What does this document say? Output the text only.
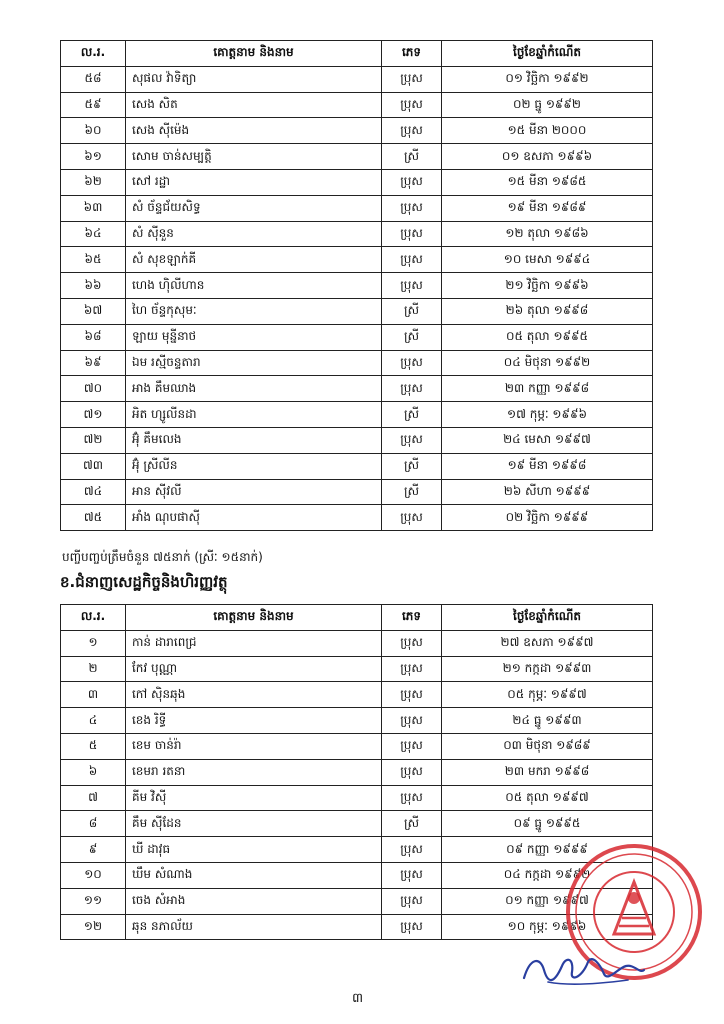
ល.រ.	គោត្តនាម និងនាម	ភេទ	ថ្ងៃខែឆ្នាំកំណើត
៥៨	សុផល វ៉ាទិត្យា	ប្រុស	០១ វិច្ឆិកា ១៩៩២
៥៩	សេង សិត	ប្រុស	០២ ធ្នូ ១៩៩២
៦០	សេង ស៊ីម៉េង	ប្រុស	១៥ មីនា ២០០០
៦១	សោម ចាន់សម្បត្តិ	ស្រី	០១ ឧសភា ១៩៩៦
៦២	សៅ រដ្ឋា	ប្រុស	១៥ មីនា ១៩៨៥
៦៣	សំ ច័ន្ទជ័យសិទ្ធ	ប្រុស	១៩ មីនា ១៩៨៩
៦៤	សំ ស៊ីនួន	ប្រុស	១២ តុលា ១៩៨៦
៦៥	សំ សុខឡាក់គី	ប្រុស	១០ មេសា ១៩៩៤
៦៦	ហេង ហ៊ិលីហាន	ប្រុស	២១ វិច្ឆិកា ១៩៩៦
៦៧	ហៃ ច័ន្ទកុសុមៈ	ស្រី	២៦ តុលា ១៩៩៨
៦៨	ឡាយ មុន្នីនាថ	ស្រី	០៥ តុលា ១៩៩៥
៦៩	ឯម រស្មីចន្ទតារា	ប្រុស	០៤ មិថុនា ១៩៩២
៧០	អាង គឹមឈាង	ប្រុស	២៣ កញ្ញា ១៩៩៨
៧១	អិត ហ្សូលីនដា	ស្រី	១៧ កុម្ភៈ ១៩៩៦
៧២	អ៊ុំ គឹមលេង	ប្រុស	២៤ មេសា ១៩៩៧
៧៣	អ៊ុំ ស្រីលីន	ស្រី	១៩ មីនា ១៩៩៨
៧៤	អាន ស៊ីវលី	ស្រី	២៦ សីហា ១៩៩៩
៧៥	អាំង ណុបផាស៊ី	ប្រុស	០២ វិច្ឆិកា ១៩៩៩
បញ្ចីបញ្ចប់ត្រឹមចំនួន ៧៥នាក់ (ស្រីៈ ១៥នាក់)
ខ.ជំនាញសេដ្ឋកិច្ចនិងហិរញ្ញវត្ថុ
ល.រ.	គោត្តនាម និងនាម	ភេទ	ថ្ងៃខែឆ្នាំកំណើត
១	កាន់ ដារាពេជ្រ	ប្រុស	២៧ ឧសភា ១៩៩៧
២	កែវ បុណ្ណា	ប្រុស	២១ កក្កដា ១៩៩៣
៣	កៅ ស៊ិនឆុង	ប្រុស	០៥ កុម្ភៈ ១៩៩៧
៤	ខេង រិទ្ធី	ប្រុស	២៤ ធ្នូ ១៩៩៣
៥	ខេម ចាន់រ៉ា	ប្រុស	០៣ មិថុនា ១៩៨៩
៦	ខេមរា រតនា	ប្រុស	២៣ មករា ១៩៩៨
៧	គីម វិស៊ី	ប្រុស	០៥ តុលា ១៩៩៧
៨	គឹម ស៊ីដែន	ស្រី	០៩ ធ្នូ ១៩៩៥
៩	ឃី ដាវុធ	ប្រុស	០៩ កញ្ញា ១៩៩៩
១០	ឃឹម សំណាង	ប្រុស	០៤ កក្កដា ១៩៩២
១១	ចេង សំអាង	ប្រុស	០១ កញ្ញា ១៩៩៧
១២	ឆុន នភាល័យ	ប្រុស	១០ កុម្ភៈ ១៩៩៦
៣
